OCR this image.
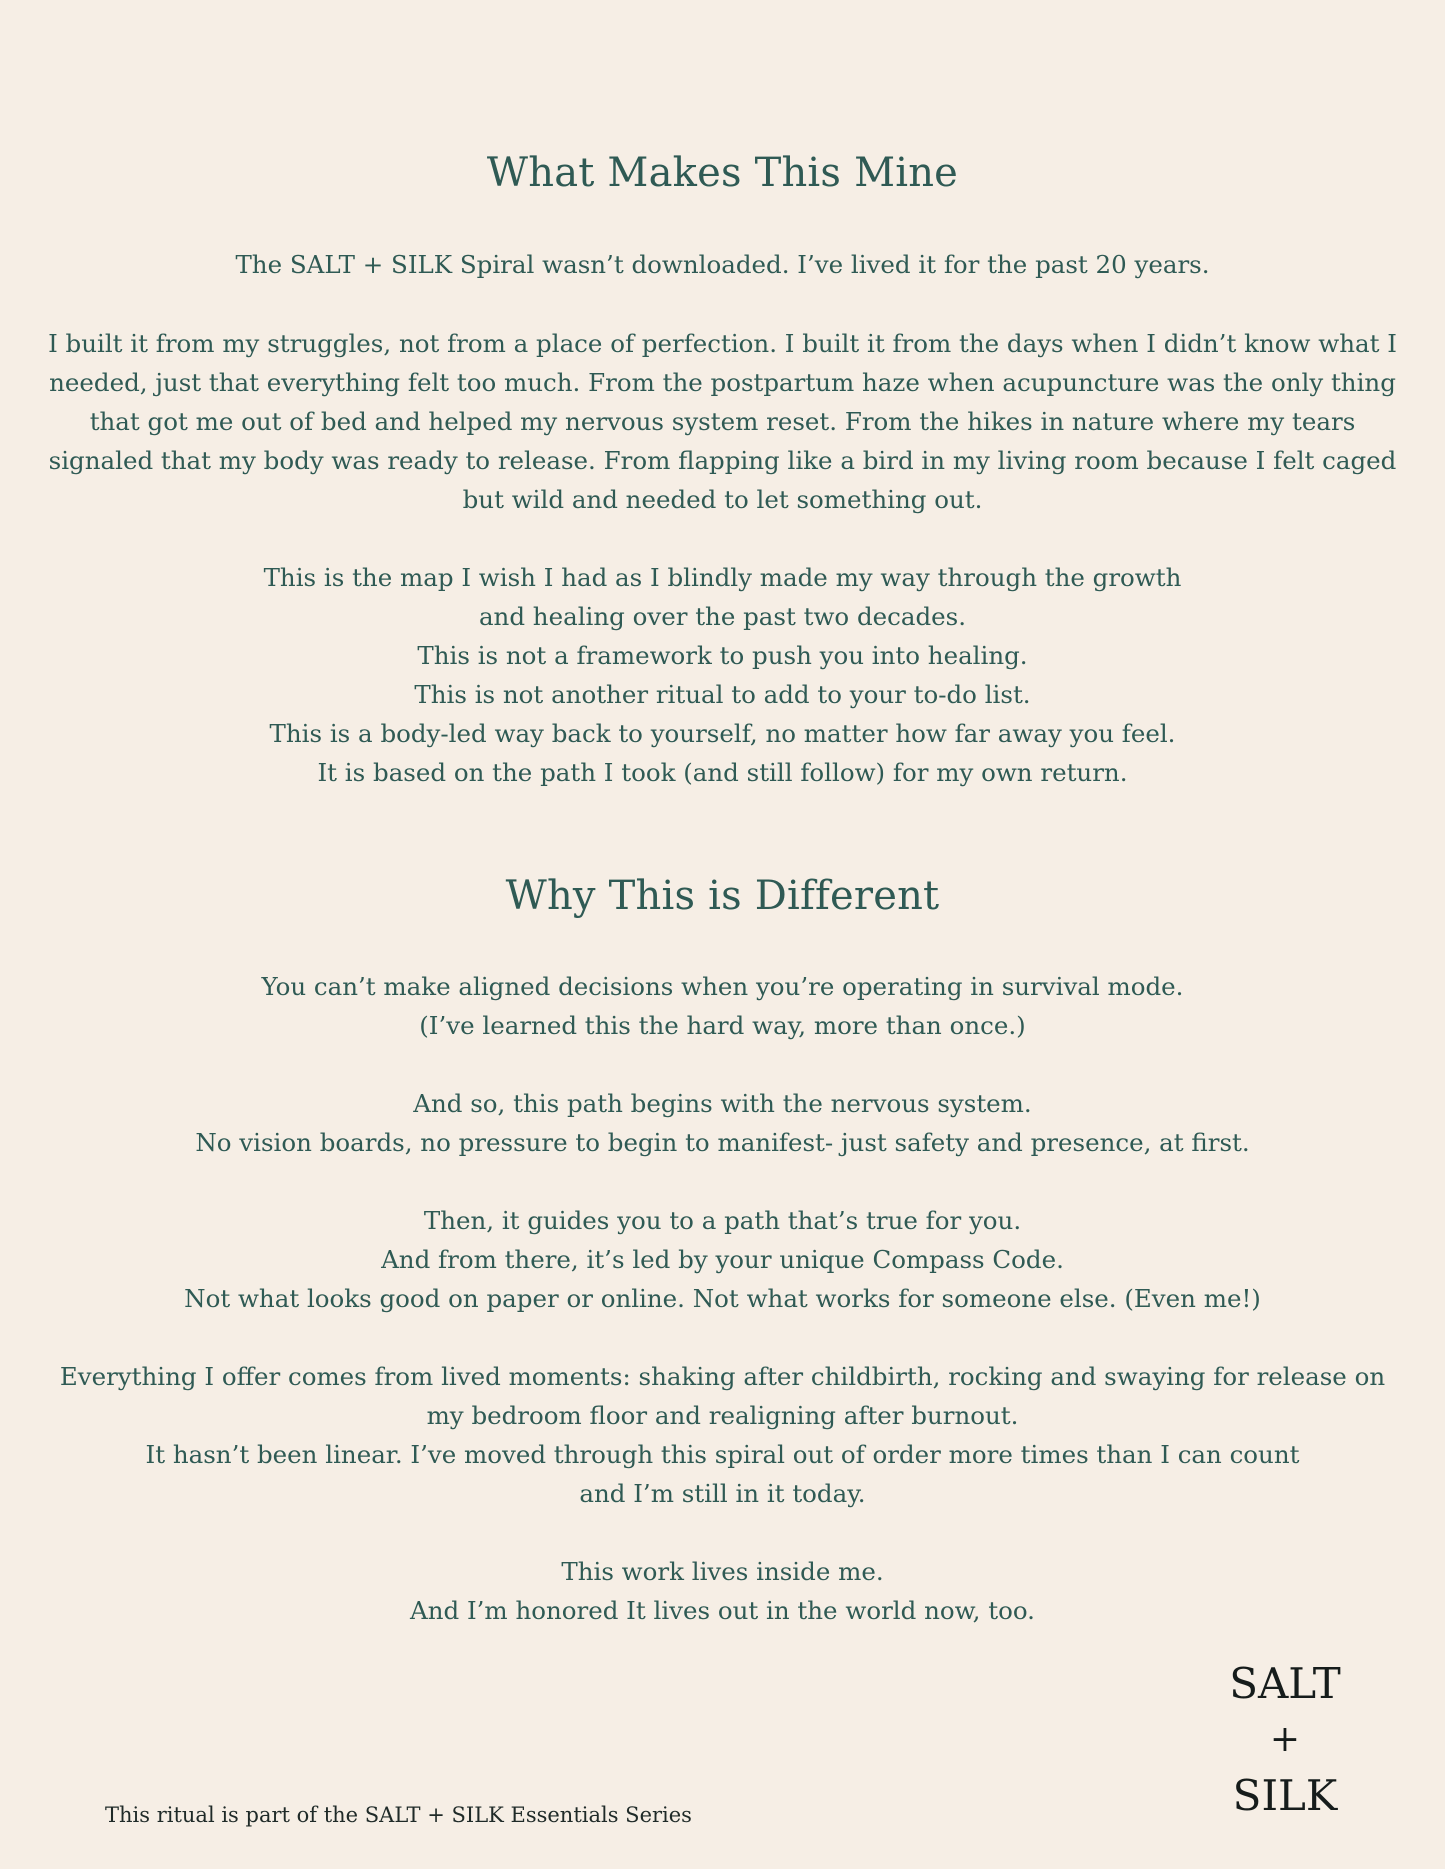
What Makes This Mine

The SALT + SILK Spiral wasn’t downloaded. I’ve lived it for the past 20 years.

I built it from my struggles, not from a place of perfection. I built it from the days when I didn’t know what I
needed, just that everything felt too much. From the postpartum haze when acupuncture was the only thing
that got me out of bed and helped my nervous system reset. From the hikes in nature where my tears
signaled that my body was ready to release. From flapping like a bird in my living room because I felt caged
but wild and needed to let something out.

This is the map I wish I had as I blindly made my way through the growth
and healing over the past two decades.
This is not a framework to push you into healing.
This is not another ritual to add to your to-do list.
This is a body-led way back to yourself, no matter how far away you feel.
It is based on the path I took (and still follow) for my own return.

Why This is Different

You can’t make aligned decisions when you’re operating in survival mode.
(I’ve learned this the hard way, more than once.)

And so, this path begins with the nervous system.
No vision boards, no pressure to begin to manifest- just safety and presence, at first.

Then, it guides you to a path that’s true for you.
And from there, it’s led by your unique Compass Code.
Not what looks good on paper or online. Not what works for someone else. (Even me!)

Everything I offer comes from lived moments: shaking after childbirth, rocking and swaying for release on
my bedroom floor and realigning after burnout.
It hasn’t been linear. I’ve moved through this spiral out of order more times than I can count
and I’m still in it today.

This work lives inside me.
And I’m honored It lives out in the world now, too.

SALT
+
SILK
This ritual is part of the SALT + SILK Essentials Series
